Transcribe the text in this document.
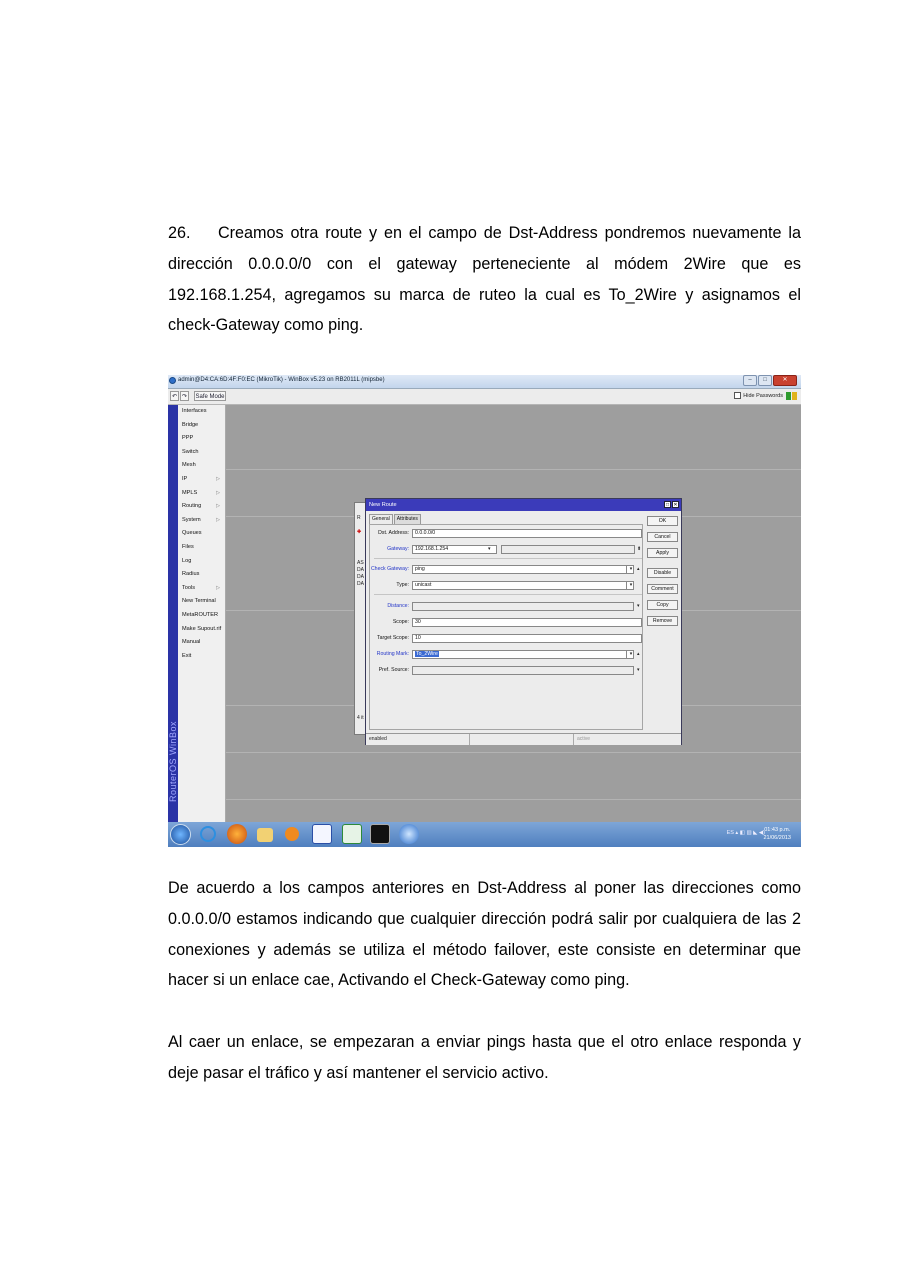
26.    Creamos otra route y en el campo de Dst-Address pondremos nuevamente la dirección 0.0.0.0/0 con el gateway perteneciente al módem 2Wire que es 192.168.1.254, agregamos su marca de ruteo la cual es To_2Wire y asignamos el check-Gateway como ping.

admin@D4:CA:6D:4F:F0:EC (MikroTik) - WinBox v5.23 on RB2011L (mipsbe)	–	□	✕
↶ ↷	Safe Mode	Hide Passwords
RouterOS WinBox
Interfaces
Bridge
PPP
Switch
Mesh
IP	▷
MPLS	▷
Routing	▷
System	▷
Queues
Files
Log
Radius
Tools	▷
New Terminal
MetaROUTER
Make Supout.rif
Manual
Exit
R
✚
AS
DA
DA
DA
4 it
New Route	□ ✕
General	Attributes
Dst. Address:	0.0.0.0/0
Gateway:	192.168.1.254	▾	⬍
Check Gateway:	ping	▾ ▴
Type:	unicast	▾
Distance:	▾
Scope:	30
Target Scope:	10
Routing Mark:	To_2Wire	▾ ▴
Pref. Source:	▾
OK
Cancel
Apply
Disable
Comment
Copy
Remove
enabled	active
ES ▴ ◧ ▥ ◣ ◀) 01:43 p.m.
21/06/2013

De acuerdo a los campos anteriores en Dst-Address al poner las direcciones como 0.0.0.0/0 estamos indicando que cualquier dirección podrá salir por cualquiera de las 2 conexiones y además se utiliza el método failover, este consiste en determinar que hacer si un enlace cae, Activando el Check-Gateway como ping.

Al caer un enlace, se empezaran a enviar pings hasta que el otro enlace responda y deje pasar el tráfico y así mantener el servicio activo.
